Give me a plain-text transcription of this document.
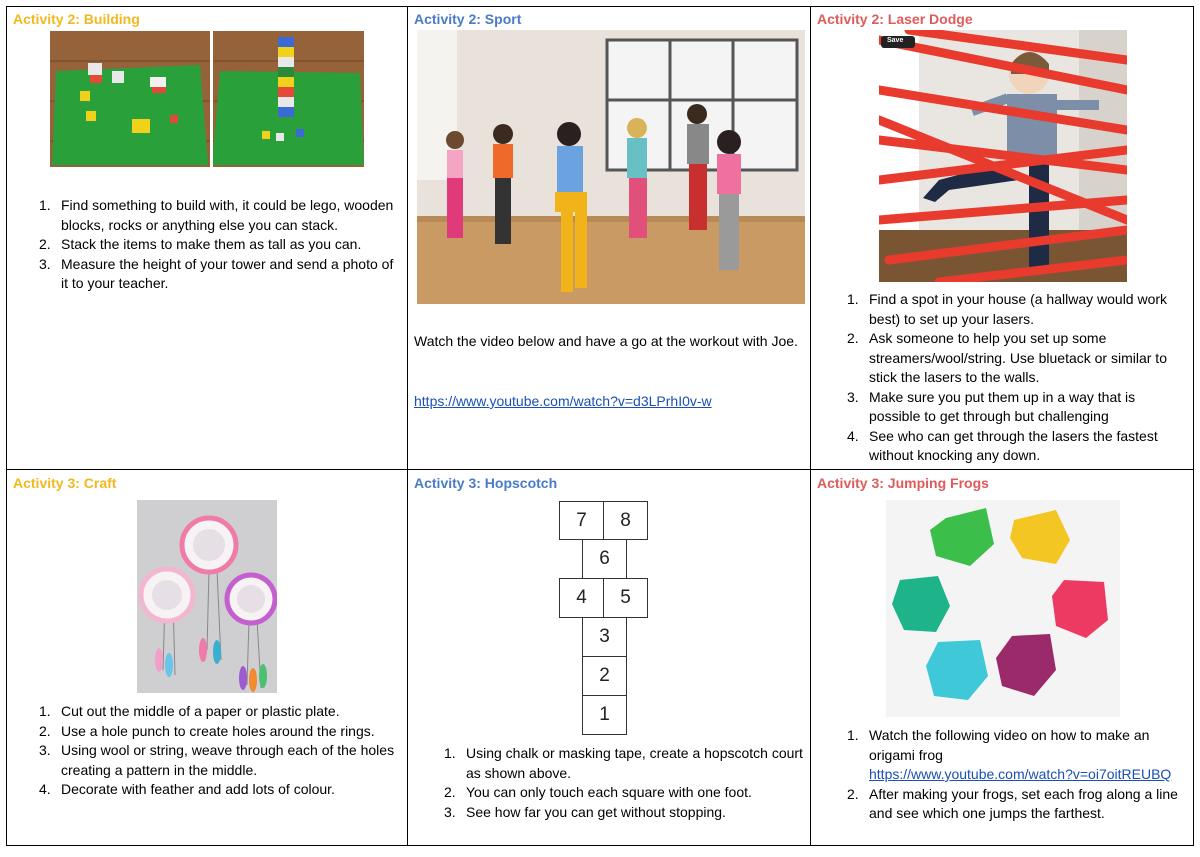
Activity 2: Building
1. Find something to build with, it could be lego, wooden blocks, rocks or anything else you can stack.
2. Stack the items to make them as tall as you can.
3. Measure the height of your tower and send a photo of it to your teacher.
Activity 2: Sport
Watch the video below and have a go at the workout with Joe.
https://www.youtube.com/watch?v=d3LPrhI0v-w
Activity 2: Laser Dodge
Save
1. Find a spot in your house (a hallway would work best) to set up your lasers.
2. Ask someone to help you set up some streamers/wool/string. Use bluetack or similar to stick the lasers to the walls.
3. Make sure you put them up in a way that is possible to get through but challenging
4. See who can get through the lasers the fastest without knocking any down.
Activity 3: Craft
1. Cut out the middle of a paper or plastic plate.
2. Use a hole punch to create holes around the rings.
3. Using wool or string, weave through each of the holes creating a pattern in the middle.
4. Decorate with feather and add lots of colour.
Activity 3: Hopscotch
7	8
6
4	5
3
2
1
1. Using chalk or masking tape, create a hopscotch court as shown above.
2. You can only touch each square with one foot.
3. See how far you can get without stopping.
Activity 3: Jumping Frogs
1. Watch the following video on how to make an origami frog
https://www.youtube.com/watch?v=oi7oitREUBQ
2. After making your frogs, set each frog along a line and see which one jumps the farthest.
